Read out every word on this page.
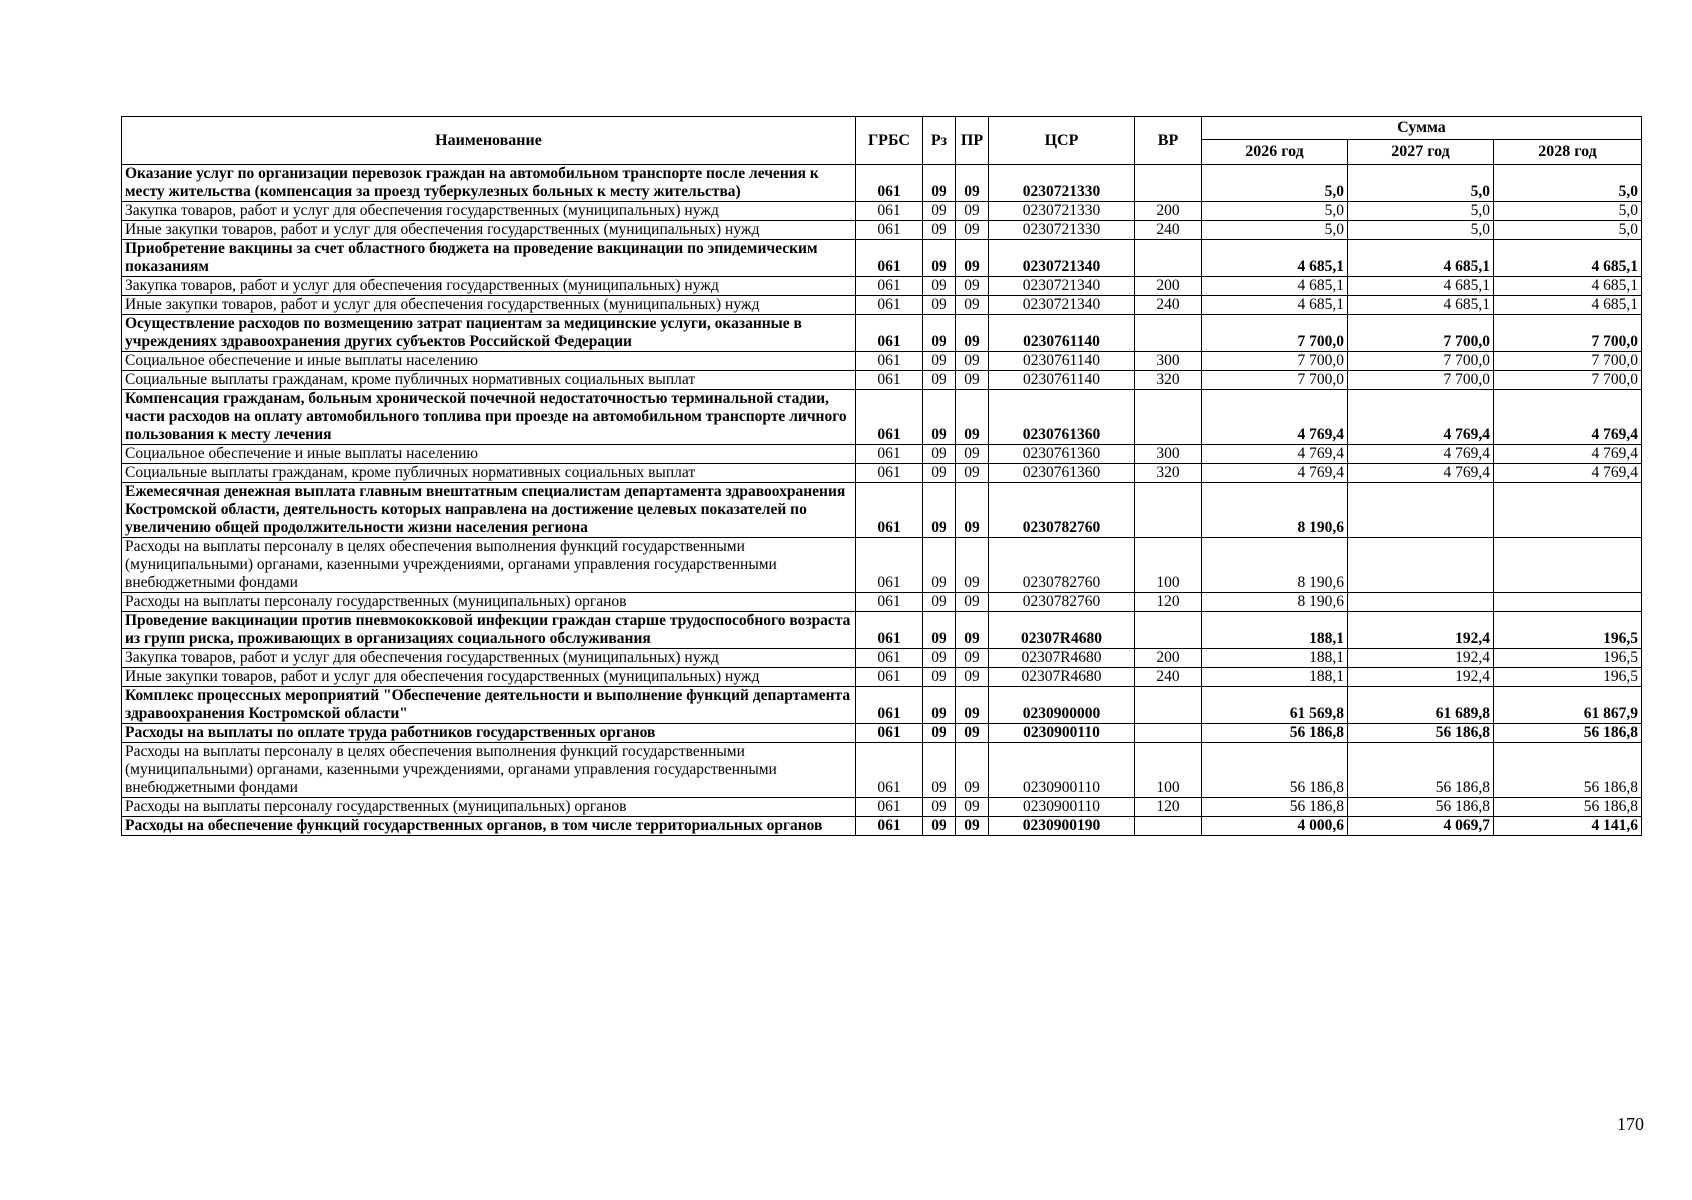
Наименование	ГРБС	Рз	ПР	ЦСР	ВР	Сумма		
						2026 год	2027 год	2028 год
Оказание услуг по организации перевозок граждан на автомобильном транспорте после лечения к месту жительства (компенсация за проезд туберкулезных больных к месту жительства)	061	09	09	0230721330		5,0	5,0	5,0
Закупка товаров, работ и услуг для обеспечения государственных (муниципальных) нужд	061	09	09	0230721330	200	5,0	5,0	5,0
Иные закупки товаров, работ и услуг для обеспечения государственных (муниципальных) нужд	061	09	09	0230721330	240	5,0	5,0	5,0
Приобретение вакцины за счет областного бюджета на проведение вакцинации по эпидемическим показаниям	061	09	09	0230721340		4 685,1	4 685,1	4 685,1
Закупка товаров, работ и услуг для обеспечения государственных (муниципальных) нужд	061	09	09	0230721340	200	4 685,1	4 685,1	4 685,1
Иные закупки товаров, работ и услуг для обеспечения государственных (муниципальных) нужд	061	09	09	0230721340	240	4 685,1	4 685,1	4 685,1
Осуществление расходов по возмещению затрат пациентам за медицинские услуги, оказанные в учреждениях здравоохранения других субъектов Российской Федерации	061	09	09	0230761140		7 700,0	7 700,0	7 700,0
Социальное обеспечение и иные выплаты населению	061	09	09	0230761140	300	7 700,0	7 700,0	7 700,0
Социальные выплаты гражданам, кроме публичных нормативных социальных выплат	061	09	09	0230761140	320	7 700,0	7 700,0	7 700,0
Компенсация гражданам, больным хронической почечной недостаточностью терминальной стадии, части расходов на оплату автомобильного топлива при проезде на автомобильном транспорте личного пользования к месту лечения	061	09	09	0230761360		4 769,4	4 769,4	4 769,4
Социальное обеспечение и иные выплаты населению	061	09	09	0230761360	300	4 769,4	4 769,4	4 769,4
Социальные выплаты гражданам, кроме публичных нормативных социальных выплат	061	09	09	0230761360	320	4 769,4	4 769,4	4 769,4
Ежемесячная денежная выплата главным внештатным специалистам департамента здравоохранения Костромской области, деятельность которых направлена на достижение целевых показателей по увеличению общей продолжительности жизни населения региона	061	09	09	0230782760		8 190,6		
Расходы на выплаты персоналу в целях обеспечения выполнения функций государственными (муниципальными) органами, казенными учреждениями, органами управления государственными внебюджетными фондами	061	09	09	0230782760	100	8 190,6		
Расходы на выплаты персоналу государственных (муниципальных) органов	061	09	09	0230782760	120	8 190,6		
Проведение вакцинации против пневмококковой инфекции граждан старше трудоспособного возраста из групп риска, проживающих в организациях социального обслуживания	061	09	09	02307R4680		188,1	192,4	196,5
Закупка товаров, работ и услуг для обеспечения государственных (муниципальных) нужд	061	09	09	02307R4680	200	188,1	192,4	196,5
Иные закупки товаров, работ и услуг для обеспечения государственных (муниципальных) нужд	061	09	09	02307R4680	240	188,1	192,4	196,5
Комплекс процессных мероприятий "Обеспечение деятельности и выполнение функций департамента здравоохранения Костромской области"	061	09	09	0230900000		61 569,8	61 689,8	61 867,9
Расходы на выплаты по оплате труда работников государственных органов	061	09	09	0230900110		56 186,8	56 186,8	56 186,8
Расходы на выплаты персоналу в целях обеспечения выполнения функций государственными (муниципальными) органами, казенными учреждениями, органами управления государственными внебюджетными фондами	061	09	09	0230900110	100	56 186,8	56 186,8	56 186,8
Расходы на выплаты персоналу государственных (муниципальных) органов	061	09	09	0230900110	120	56 186,8	56 186,8	56 186,8
Расходы на обеспечение функций государственных органов, в том числе территориальных органов	061	09	09	0230900190		4 000,6	4 069,7	4 141,6
170
